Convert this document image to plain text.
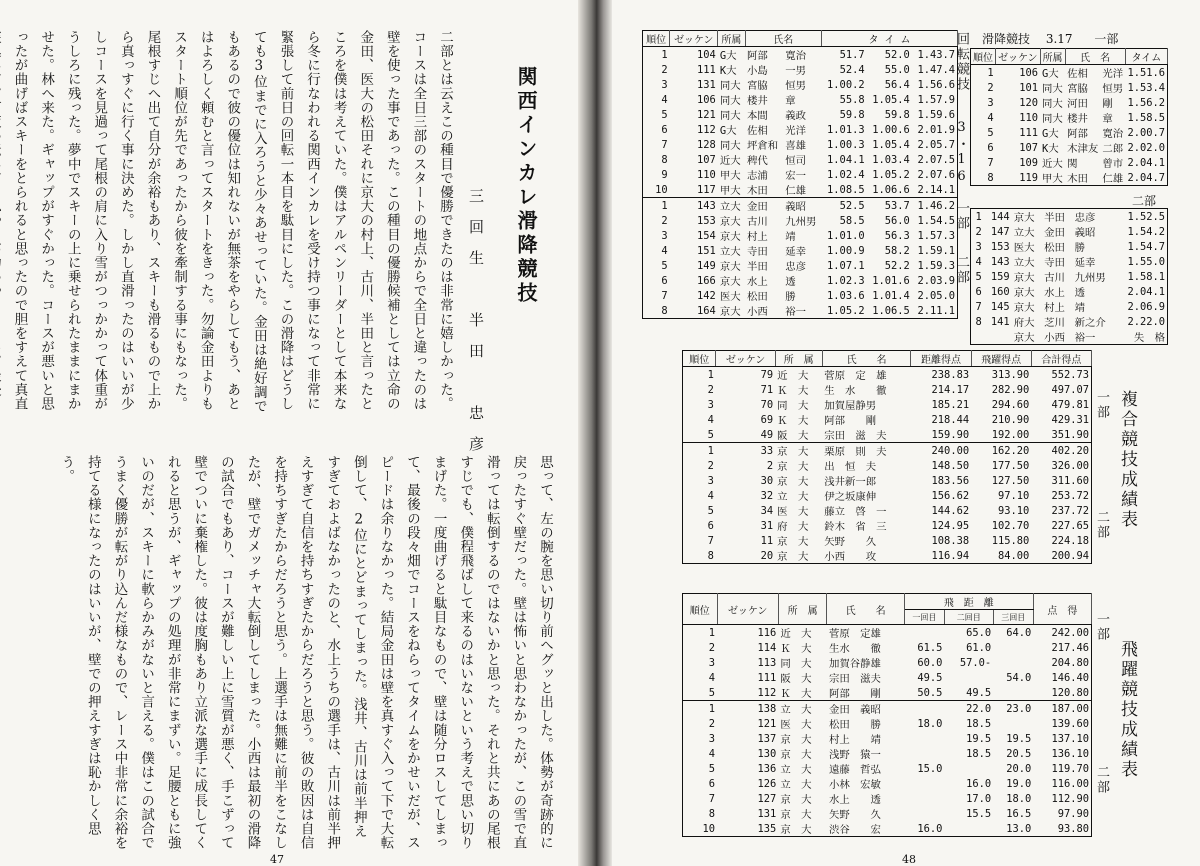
関西インカレ滑降競技
三回生　半田　忠彦
二部とは云えこの種目で優勝できたのは非常に嬉しかった。コースは全日三部のスタートの地点からで全日と違ったのは壁を使った事であった。この種目の優勝候補としては立命の金田、医大の松田それに京大の村上、古川、半田と言ったところを僕は考えていた。僕はアルペンリーダーとして本来なら冬に行なわれる関西インカレを受け持つ事になって非常に緊張して前日の回転一本目を駄目にした。この滑降はどうしても3位までに入ろうと少々あせっていた。金田は絶好調でもあるので彼の優位は知れないが無茶をやらしてもう、あとはよろしく頼むと言ってスタートをきった。勿論金田よりもスタート順位が先であったから彼を牽制する事にもなった。尾根すじへ出て自分が余裕もあり、スキーも滑るもので上から真っすぐに行く事に決めた。しかし直滑ったのはいいが少しコースを見過って尾根の肩に入り雪がつっかかって体重がうしろに残った。夢中でスキーの上に乗せられたままにまかせた。林へ来た。ギャップがすぐかった。コースが悪いと思ったが曲げばスキーをとられると思ったので胆をすえて真直
思って、左の腕を思い切り前へグッと出した。体勢が奇跡的に戻ったすぐ壁だった。壁は怖いと思わなかったが、この雪で直滑っては転倒するのではないかと思った。それと共にあの尾根すじでも、僕程飛ばして来るのはいないという考えで思い切りまげた。一度曲げると駄目なもので、壁は随分ロスしてしまって、最後の段々畑でコースをねらってタイムをかせいだが、スピードは余りなかった。結局金田は壁を真すぐ入って下で大転倒して、2位にとどまってしまった。浅井、古川は前半押えすぎておよばなかったのと、水上うちの選手は、古川は前半押えすぎて自信を持ちすぎたからだろうと思う。彼の敗因は自信を持ちすぎたからだろうと思う。上選手は無難に前半をこなしたが、壁でガメッチャ大転倒してしまった。小西は最初の滑降の試合でもあり、コースが難しい上に雪質が悪く、手こずって壁でついに棄権した。彼は度胸もあり立派な選手に成長してくれると思うが、ギャップの処理が非常にまずい。足腰ともに強いのだが、スキーに軟らかみがないと言える。僕はこの試合でうまく優勝が転がり込んだ様なもので、レース中非常に余裕を持てる様になったのはいいが、壁での押えすぎは恥かしく思う。
47
順位	ゼッケン	所属	氏名		タ イ ム		
1	104	G大	阿部	寛治	51.7	52.0	1.43.7
2	111	K大	小島	一男	52.4	55.0	1.47.4
3	131	同大	宮脇	恒男	1.00.2	56.4	1.56.6
4	106	同大	楼井	章	55.8	1.05.4	1.57.9
5	121	同大	本間	義政	59.8	59.8	1.59.6
6	112	G大	佐相	光洋	1.01.3	1.00.6	2.01.9
7	128	同大	坪倉和	喜雄	1.00.3	1.05.4	2.05.7
8	107	近大	稗代	恒司	1.04.1	1.03.4	2.07.5
9	110	甲大	志浦	宏一	1.02.4	1.05.2	2.07.6
10	117	甲大	木田	仁雄	1.08.5	1.06.6	2.14.1
1	143	立大	金田	義昭	52.5	53.7	1.46.2
2	153	京大	古川	九州男	58.5	56.0	1.54.5
3	154	京大	村上	靖	1.01.0	56.3	1.57.3
4	151	立大	寺田	延幸	1.00.9	58.2	1.59.1
5	149	京大	半田	忠彦	1.07.1	52.2	1.59.3
6	166	京大	水上	透	1.02.3	1.01.6	2.03.9
7	142	医大	松田	勝	1.03.6	1.01.4	2.05.0
8	164	京大	小西	裕一	1.05.2	1.06.5	2.11.1
回転競技
3・16　一部
二部
滑降競技 3.17 一部
順位	ゼッケン	所属	氏　名		タイム
1	106	G大	佐相	光洋	1.51.6
2	101	同大	宮脇	恒男	1.53.4
3	120	同大	河田	剛	1.56.2
4	110	同大	楼井	章	1.58.5
5	111	G大	阿部	寛治	2.00.7
6	107	K大	木津友	二郎	2.02.0
7	109	近大	関	曾市	2.04.1
8	119	甲大	木田	仁雄	2.04.7
二部
1	144	京大	半田	忠彦	1.52.5
2	147	立大	金田	義昭	1.54.2
3	153	医大	松田	勝	1.54.7
4	143	立大	寺田	延幸	1.55.0
5	159	京大	古川	九州男	1.58.1
6	160	京大	水上	透	2.04.1
7	145	京大	村上	靖	2.06.9
8	141	府大	芝川	新之介	2.22.0
		京大	小西	裕一	失　格
順位	ゼッケン	所　属	氏　　名	距離得点	飛躍得点	合計得点
1	79	近　大	菅原　定　雄	238.83	313.90	552.73
2	71	Ｋ　大	生　水　　徹	214.17	282.90	497.07
3	70	同　大	加賀屋静男	185.21	294.60	479.81
4	69	Ｋ　大	阿部　　剛	218.44	210.90	429.31
5	49	阪　大	宗田　滋　夫	159.90	192.00	351.90
1	33	京　大	栗原　則　夫	240.00	162.20	402.20
2	2	京　大	出　恒　夫	148.50	177.50	326.00
3	30	京　大	浅井新一郎	183.56	127.50	311.60
4	32	立　大	伊之坂康伸	156.62	97.10	253.72
5	34	医　大	藤立　啓　一	144.62	93.10	237.72
6	31	府　大	鈴木　省　三	124.95	102.70	227.65
7	11	京　大	矢野　　久	108.38	115.80	224.18
8	20	京　大	小西　　攻	116.94	84.00	200.94
一部
二部 複合競技成績表
順位	ゼッケン	所　属	氏　　名	飛　距　離			点　得
				一回目	二回目	三回目	
1	116	近　大	菅原　定雄		65.0	64.0	242.00
2	114	Ｋ　大	生水　　徹	61.5	61.0		217.46
3	113	同　大	加賀谷静雄	60.0	57.0-		204.80
4	111	阪　大	宗田　滋夫	49.5		54.0	146.40
5	112	Ｋ　大	阿部　　剛	50.5	49.5		120.80
1	138	立　大	金田　義昭		22.0	23.0	187.00
2	121	医　大	松田　　勝	18.0	18.5		139.60
3	137	京　大	村上　　靖		19.5	19.5	137.10
4	130	京　大	浅野　猿一		18.5	20.5	136.10
5	136	立　大	遠藤　哲弘	15.0		20.0	119.70
6	126	立　大	小林　宏敏		16.0	19.0	116.00
7	127	京　大	水上　　透		17.0	18.0	112.90
8	131	京　大	矢野　　久		15.5	16.5	97.90
10	135	京　大	渋谷　　宏	16.0		13.0	93.80
一部
二部 飛躍競技成績表
48
